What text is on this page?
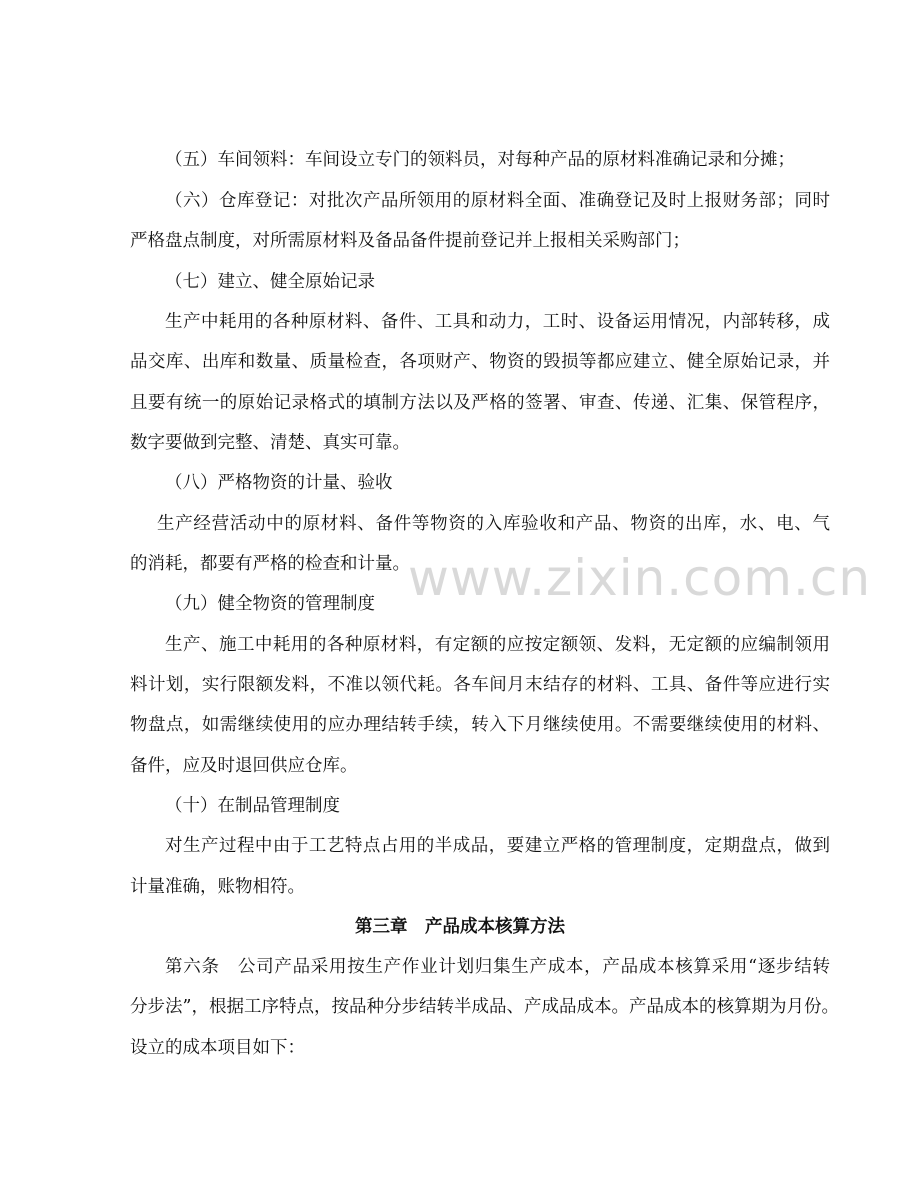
www.zixin.com.cn
（五）车间领料：车间设立专门的领料员，对每种产品的原材料准确记录和分摊；
（六）仓库登记：对批次产品所领用的原材料全面、准确登记及时上报财务部；同时
严格盘点制度，对所需原材料及备品备件提前登记并上报相关采购部门；
（七）建立、健全原始记录
生产中耗用的各种原材料、备件、工具和动力，工时、设备运用情况，内部转移，成
品交库、出库和数量、质量检查，各项财产、物资的毁损等都应建立、健全原始记录，并
且要有统一的原始记录格式的填制方法以及严格的签署、审查、传递、汇集、保管程序，
数字要做到完整、清楚、真实可靠。
（八）严格物资的计量、验收
生产经营活动中的原材料、备件等物资的入库验收和产品、物资的出库，水、电、气
的消耗，都要有严格的检查和计量。
（九）健全物资的管理制度
生产、施工中耗用的各种原材料，有定额的应按定额领、发料，无定额的应编制领用
料计划，实行限额发料，不准以领代耗。各车间月末结存的材料、工具、备件等应进行实
物盘点，如需继续使用的应办理结转手续，转入下月继续使用。不需要继续使用的材料、
备件，应及时退回供应仓库。
（十）在制品管理制度
对生产过程中由于工艺特点占用的半成品，要建立严格的管理制度，定期盘点，做到
计量准确，账物相符。
第三章　产品成本核算方法
第六条　公司产品采用按生产作业计划归集生产成本，产品成本核算采用“逐步结转
分步法”，根据工序特点，按品种分步结转半成品、产成品成本。产品成本的核算期为月份。
设立的成本项目如下：
